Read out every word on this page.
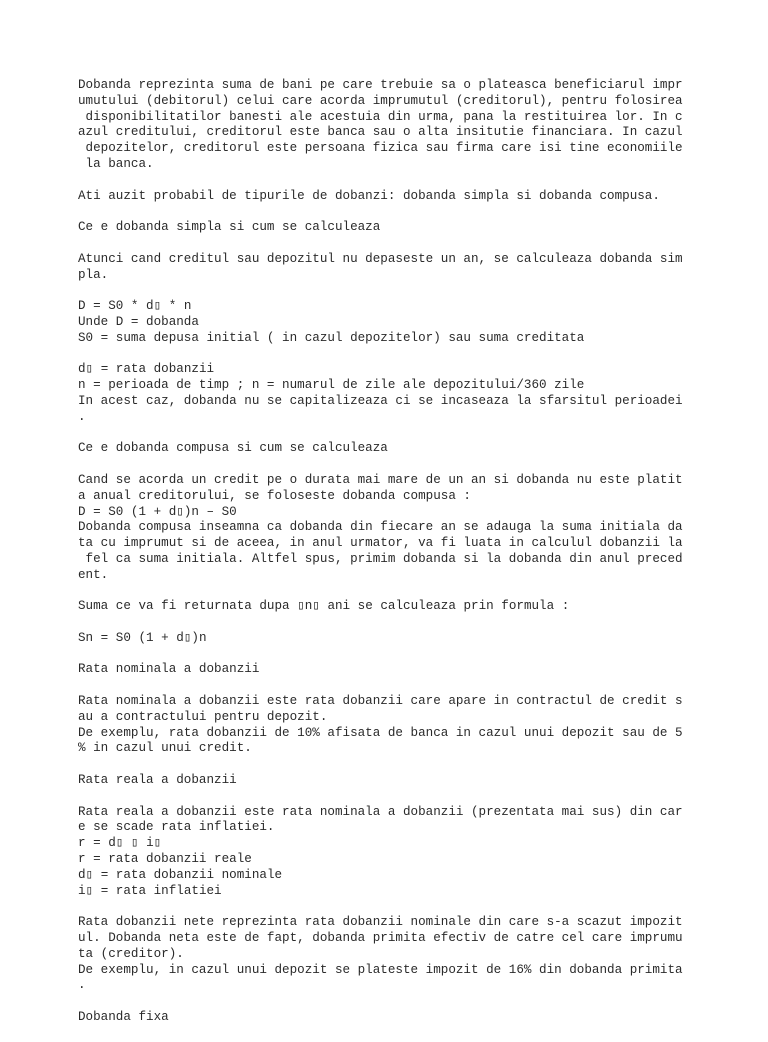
Dobanda reprezinta suma de bani pe care trebuie sa o plateasca beneficiarul impr
umutului (debitorul) celui care acorda imprumutul (creditorul), pentru folosirea
disponibilitatilor banesti ale acestuia din urma, pana la restituirea lor. In c
azul creditului, creditorul este banca sau o alta insitutie financiara. In cazul
depozitelor, creditorul este persoana fizica sau firma care isi tine economiile
la banca.
Ati auzit probabil de tipurile de dobanzi: dobanda simpla si dobanda compusa.
Ce e dobanda simpla si cum se calculeaza
Atunci cand creditul sau depozitul nu depaseste un an, se calculeaza dobanda sim
pla.
D = S0 * d▯ * n
Unde D = dobanda
S0 = suma depusa initial ( in cazul depozitelor) sau suma creditata
d▯ = rata dobanzii
n = perioada de timp ; n = numarul de zile ale depozitului/360 zile
In acest caz, dobanda nu se capitalizeaza ci se incaseaza la sfarsitul perioadei
.
Ce e dobanda compusa si cum se calculeaza
Cand se acorda un credit pe o durata mai mare de un an si dobanda nu este platit
a anual creditorului, se foloseste dobanda compusa :
D = S0 (1 + d▯)n – S0
Dobanda compusa inseamna ca dobanda din fiecare an se adauga la suma initiala da
ta cu imprumut si de aceea, in anul urmator, va fi luata in calculul dobanzii la
fel ca suma initiala. Altfel spus, primim dobanda si la dobanda din anul preced
ent.
Suma ce va fi returnata dupa ▯n▯ ani se calculeaza prin formula :
Sn = S0 (1 + d▯)n
Rata nominala a dobanzii
Rata nominala a dobanzii este rata dobanzii care apare in contractul de credit s
au a contractului pentru depozit.
De exemplu, rata dobanzii de 10% afisata de banca in cazul unui depozit sau de 5
% in cazul unui credit.
Rata reala a dobanzii
Rata reala a dobanzii este rata nominala a dobanzii (prezentata mai sus) din car
e se scade rata inflatiei.
r = d▯ ▯ i▯
r = rata dobanzii reale
d▯ = rata dobanzii nominale
i▯ = rata inflatiei
Rata dobanzii nete reprezinta rata dobanzii nominale din care s-a scazut impozit
ul. Dobanda neta este de fapt, dobanda primita efectiv de catre cel care imprumu
ta (creditor).
De exemplu, in cazul unui depozit se plateste impozit de 16% din dobanda primita
.
Dobanda fixa
